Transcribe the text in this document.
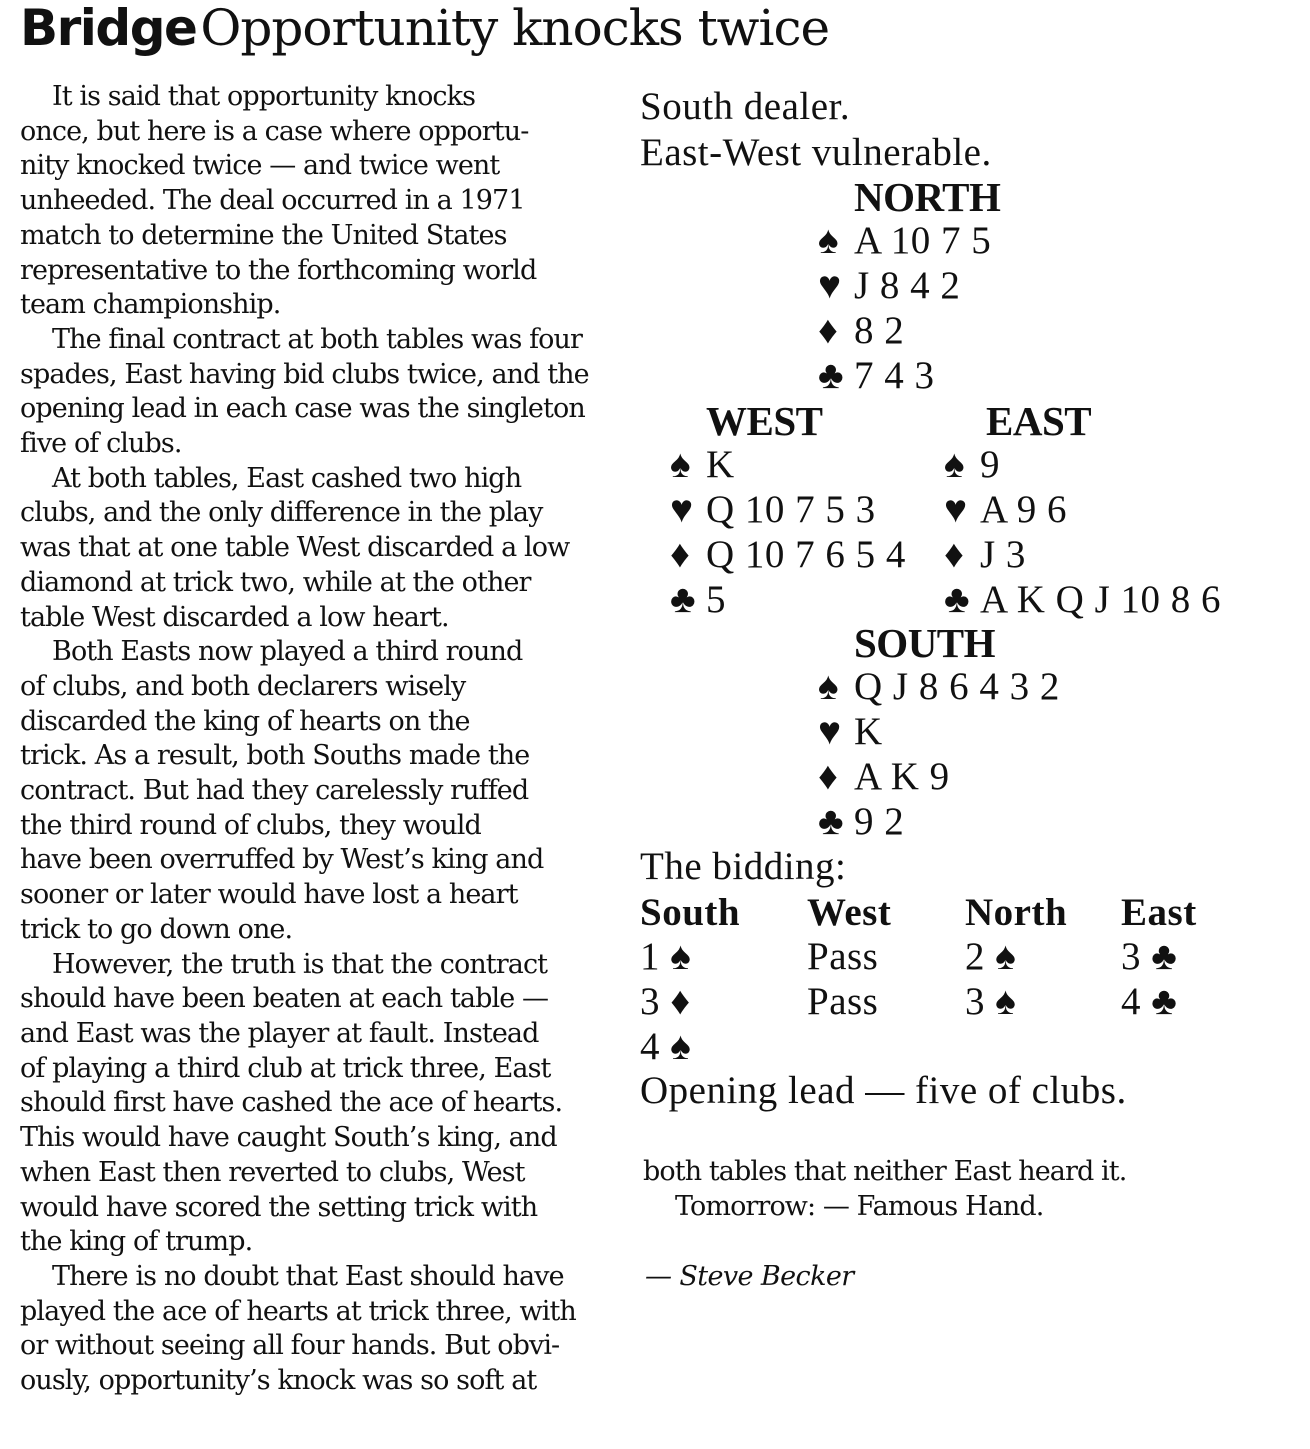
Bridge Opportunity knocks twice

It is said that opportunity knocks
once, but here is a case where opportu-
nity knocked twice — and twice went
unheeded. The deal occurred in a 1971
match to determine the United States
representative to the forthcoming world
team championship.

The final contract at both tables was four
spades, East having bid clubs twice, and the
opening lead in each case was the singleton
five of clubs.

At both tables, East cashed two high
clubs, and the only difference in the play
was that at one table West discarded a low
diamond at trick two, while at the other
table West discarded a low heart.

Both Easts now played a third round
of clubs, and both declarers wisely
discarded the king of hearts on the
trick. As a result, both Souths made the
contract. But had they carelessly ruffed
the third round of clubs, they would
have been overruffed by West’s king and
sooner or later would have lost a heart
trick to go down one.

However, the truth is that the contract
should have been beaten at each table —
and East was the player at fault. Instead
of playing a third club at trick three, East
should first have cashed the ace of hearts.
This would have caught South’s king, and
when East then reverted to clubs, West
would have scored the setting trick with
the king of trump.

There is no doubt that East should have
played the ace of hearts at trick three, with
or without seeing all four hands. But obvi-
ously, opportunity’s knock was so soft at

South dealer.
East-West vulnerable.
NORTH
♠ A 10 7 5
♥ J 8 4 2
♦ 8 2
♣ 7 4 3
WEST
♠ K
♥ Q 10 7 5 3
♦ Q 10 7 6 5 4
♣ 5
EAST
♠ 9
♥ A 9 6
♦ J 3
♣ A K Q J 10 8 6
SOUTH
♠ Q J 8 6 4 3 2
♥ K
♦ A K 9
♣ 9 2
The bidding:
South West North East
1 ♠	Pass 2 ♠	3 ♣
3 ♦	Pass 3 ♠	4 ♣
4 ♠
Opening lead — five of clubs.

both tables that neither East heard it.

Tomorrow: — Famous Hand.

— Steve Becker
